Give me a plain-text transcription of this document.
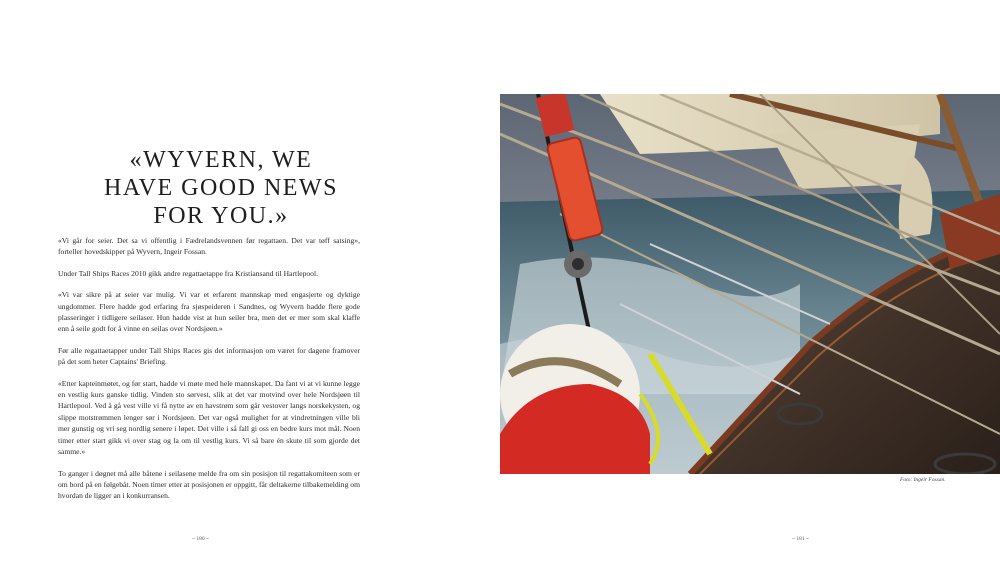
«WYVERN, WE
HAVE GOOD NEWS
FOR YOU.»

«Vi går for seier. Det sa vi offentlig i Fædrelandsvennen før regattaen. Det var tøff satsing», forteller hovedskipper på Wyvern, Ingeir Fossan.

Under Tall Ships Races 2010 gikk andre regattaetappe fra Kristiansand til Hartlepool.

«Vi var sikre på at seier var mulig. Vi var et erfarent mannskap med engasjerte og dyktige ungdommer. Flere hadde god erfaring fra sjøspeideren i Sandnes, og Wyvern hadde flere gode plasseringer i tidligere seilaser. Hun hadde vist at hun seiler bra, men det er mer som skal klaffe enn å seile godt for å vinne en seilas over Nordsjøen.»

Før alle regattaetapper under Tall Ships Races gis det informasjon om været for dagene framover på det som heter Captains' Briefing.

«Etter kapteinmøtet, og før start, hadde vi møte med hele mannskapet. Da fant vi at vi kunne legge en vestlig kurs ganske tidlig. Vinden sto sørvest, slik at det var motvind over hele Nordsjøen til Hartlepool. Ved å gå vest ville vi få nytte av en havstrøm som går vestover langs norskekysten, og slippe motstrømmen lenger sør i Nordsjøen. Det var også mulighet for at vindretningen ville bli mer gunstig og vri seg nordlig senere i løpet. Det ville i så fall gi oss en bedre kurs mot mål. Noen timer etter start gikk vi over stag og la om til vestlig kurs. Vi så bare én skute til som gjorde det samme.»

To ganger i døgnet må alle båtene i seilasene melde fra om sin posisjon til regattakomiteen som er om bord på en følgebåt. Noen timer etter at posisjonen er oppgitt, får deltakerne tilbakemelding om hvordan de ligger an i konkurransen.

~ 180 ~
Foto: Ingeir Fossan.
~ 181 ~
